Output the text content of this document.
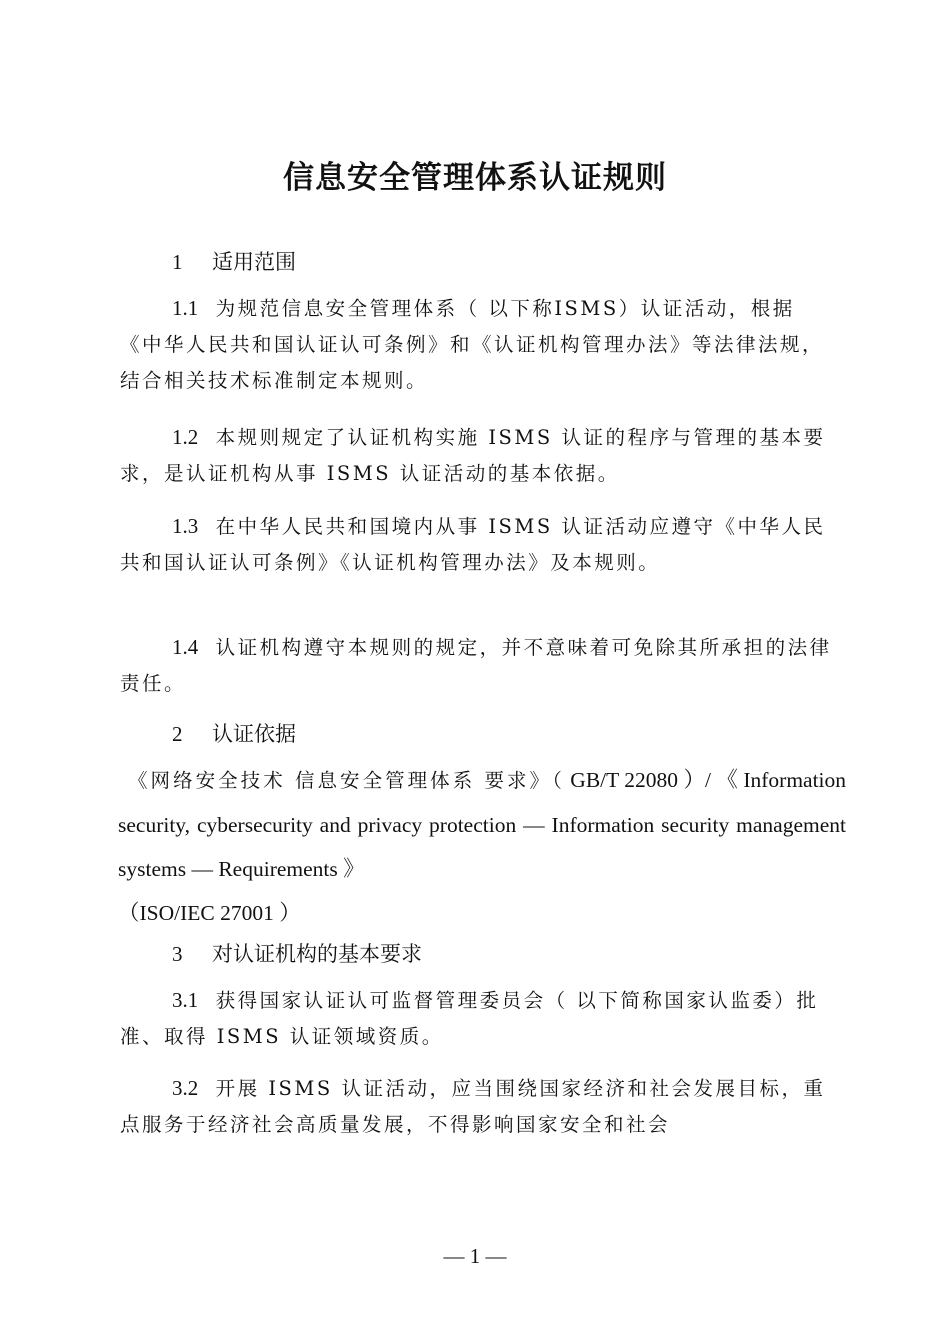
信息安全管理体系认证规则
1 适用范围

1.1 为规范信息安全管理体系（ 以下称ISMS）认证活动，根据《中华人民共和国认证认可条例》和《认证机构管理办法》等法律法规，结合相关技术标准制定本规则。

1.2 本规则规定了认证机构实施 ISMS 认证的程序与管理的基本要求，是认证机构从事 ISMS 认证活动的基本依据。

1.3 在中华人民共和国境内从事 ISMS 认证活动应遵守《中华人民共和国认证认可条例》《认证机构管理办法》及本规则。

1.4 认证机构遵守本规则的规定，并不意味着可免除其所承担的法律责任。

2 认证依据

《网络安全技术 信息安全管理体系 要求》（ GB/T 22080 ）/ 《 Information security, cybersecurity and privacy protection — Information security management systems — Requirements 》
（ISO/IEC 27001 ）

3 对认证机构的基本要求

3.1 获得国家认证认可监督管理委员会（ 以下简称国家认监委）批准、取得 ISMS 认证领域资质。

3.2 开展 ISMS 认证活动，应当围绕国家经济和社会发展目标，重点服务于经济社会高质量发展，不得影响国家安全和社会

— 1 —
